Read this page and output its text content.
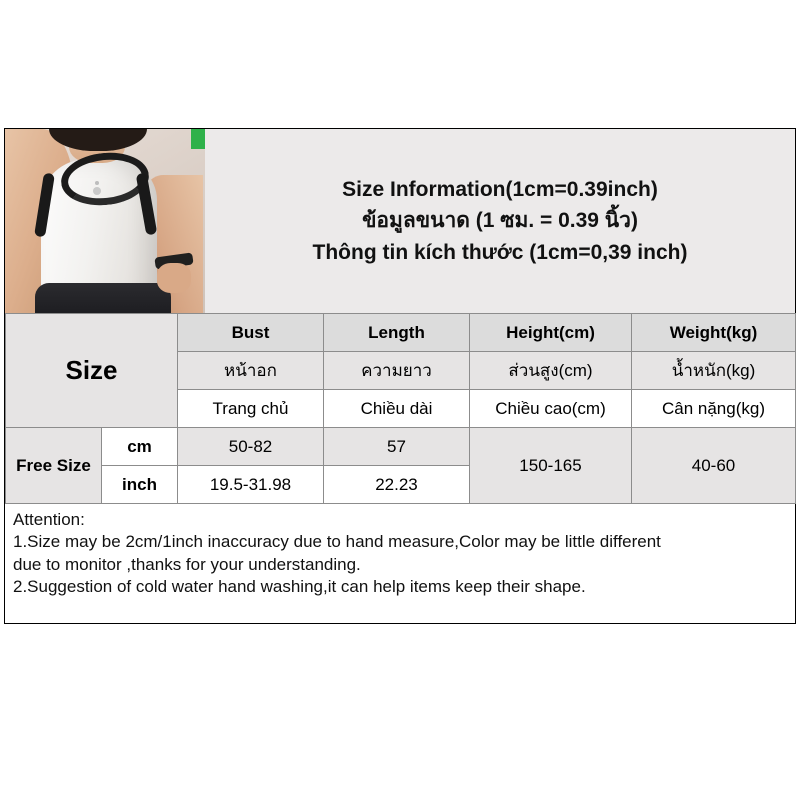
Size Information(1cm=0.39inch)
ข้อมูลขนาด (1 ซม. = 0.39 นิ้ว)
Thông tin kích thước (1cm=0,39 inch)
Size		Bust	Length	Height(cm)	Weight(kg)
		หน้าอก	ความยาว	ส่วนสูง(cm)	น้ำหนัก(kg)
		Trang chủ	Chiều dài	Chiều cao(cm)	Cân nặng(kg)
Free Size	cm	50-82	57	150-165	40-60
	inch	19.5-31.98	22.23		
Attention:
1.Size may be 2cm/1inch inaccuracy due to hand measure,Color may be little different
due to monitor ,thanks for your understanding.
2.Suggestion of cold water hand washing,it can help items keep their shape.
